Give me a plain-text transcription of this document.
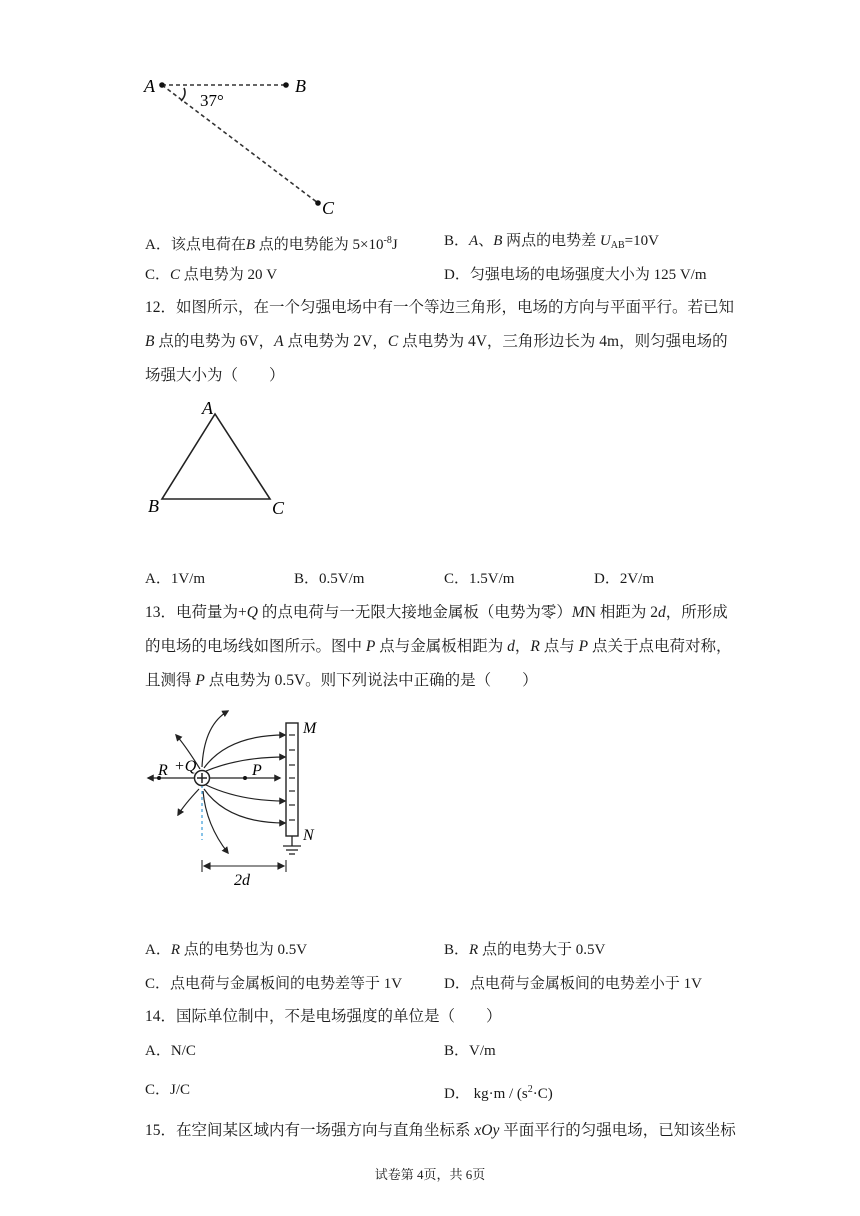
A	B
C
37°
A．该点电荷在B 点的电势能为 $5\times 10^{-8}J$	B．A、B 两点的电势差 $U_{AB}=10V$
C．C 点电势为 20 V	D．匀强电场的电场强度大小为 125 V/m
12．如图所示，在一个匀强电场中有一个等边三角形，电场的方向与平面平行。若已知
B 点的电势为 6V，A 点电势为 2V，C 点电势为 4V，三角形边长为 4m，则匀强电场的
场强大小为（　　）
A
B	C
A．1V/m	B．0.5V/m	C．1.5V/m	D．2V/m
13．电荷量为+Q 的点电荷与一无限大接地金属板（电势为零）MN 相距为 2d，所形成
的电场的电场线如图所示。图中 P 点与金属板相距为 d，R 点与 P 点关于点电荷对称，
且测得 P 点电势为 0.5V。则下列说法中正确的是（　　）
R +Q	P
M
N
2d
A．R 点的电势也为 0.5V	B．R 点的电势大于 0.5V
C．点电荷与金属板间的电势差等于 1V	D．点电荷与金属板间的电势差小于 1V
14．国际单位制中，不是电场强度的单位是（　　）
A．N/C	B．V/m
C．J/C	D． $kg\cdot m / (s^2\cdot C)$
15．在空间某区域内有一场强方向与直角坐标系 xOy 平面平行的匀强电场，已知该坐标
试卷第 4页，共 6页
